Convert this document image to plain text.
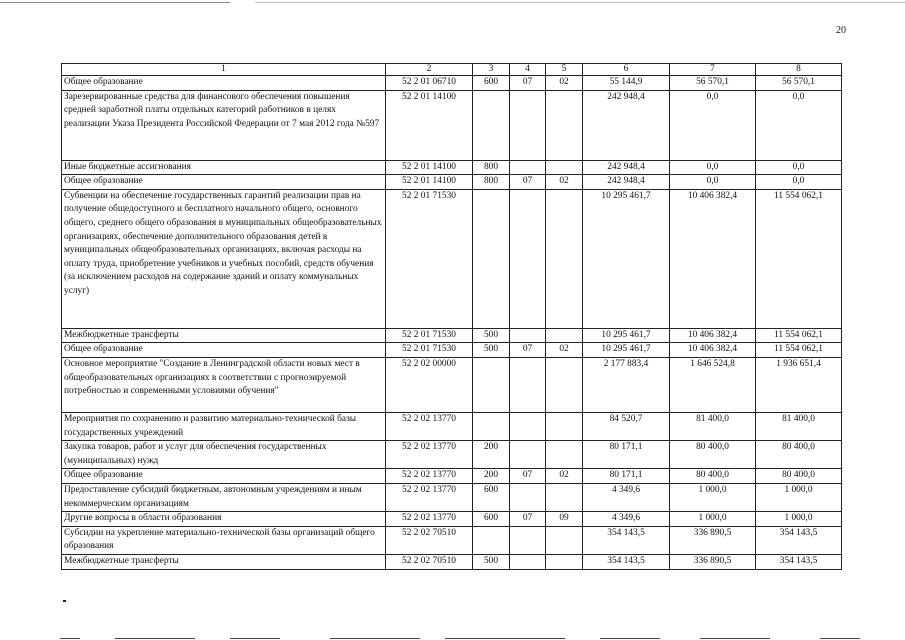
20
1	2	3	4	5	6	7	8
Общее образование	52 2 01 06710	600	07	02	55 144,9	56 570,1	56 570,1
Зарезервированные средства для финансового обеспечения повышения средней заработной платы отдельных категорий работников в целях реализации Указа Президента Российской Федерации от 7 мая 2012 года №597	52 2 01 14100				242 948,4	0,0	0,0
Иные бюджетные ассигнования	52 2 01 14100	800			242 948,4	0,0	0,0
Общее образование	52 2 01 14100	800	07	02	242 948,4	0,0	0,0
Субвенции на обеспечение государственных гарантий реализации прав на получение общедоступного и бесплатного начального общего, основного общего, среднего общего образования в муниципальных общеобразовательных организациях, обеспечение дополнительного образования детей в муниципальных общеобразовательных организациях, включая расходы на оплату труда, приобретение учебников и учебных пособий, средств обучения (за исключением расходов на содержание зданий и оплату коммунальных услуг)	52 2 01 71530				10 295 461,7	10 406 382,4	11 554 062,1
Межбюджетные трансферты	52 2 01 71530	500			10 295 461,7	10 406 382,4	11 554 062,1
Общее образование	52 2 01 71530	500	07	02	10 295 461,7	10 406 382,4	11 554 062,1
Основное мероприятие "Создание в Ленинградской области новых мест в общеобразовательных организациях в соответствии с прогнозируемой потребностью и современными условиями обучения"	52 2 02 00000				2 177 883,4	1 646 524,8	1 936 651,4
Мероприятия по сохранению и развитию материально-технической базы государственных учреждений	52 2 02 13770				84 520,7	81 400,0	81 400,0
Закупка товаров, работ и услуг для обеспечения государственных (муниципальных) нужд	52 2 02 13770	200			80 171,1	80 400,0	80 400,0
Общее образование	52 2 02 13770	200	07	02	80 171,1	80 400,0	80 400,0
Предоставление субсидий бюджетным, автономным учреждениям и иным некоммерческим организациям	52 2 02 13770	600			4 349,6	1 000,0	1 000,0
Другие вопросы в области образования	52 2 02 13770	600	07	09	4 349,6	1 000,0	1 000,0
Субсидии на укрепление материально-технической базы организаций общего образования	52 2 02 70510				354 143,5	336 890,5	354 143,5
Межбюджетные трансферты	52 2 02 70510	500			354 143,5	336 890,5	354 143,5
